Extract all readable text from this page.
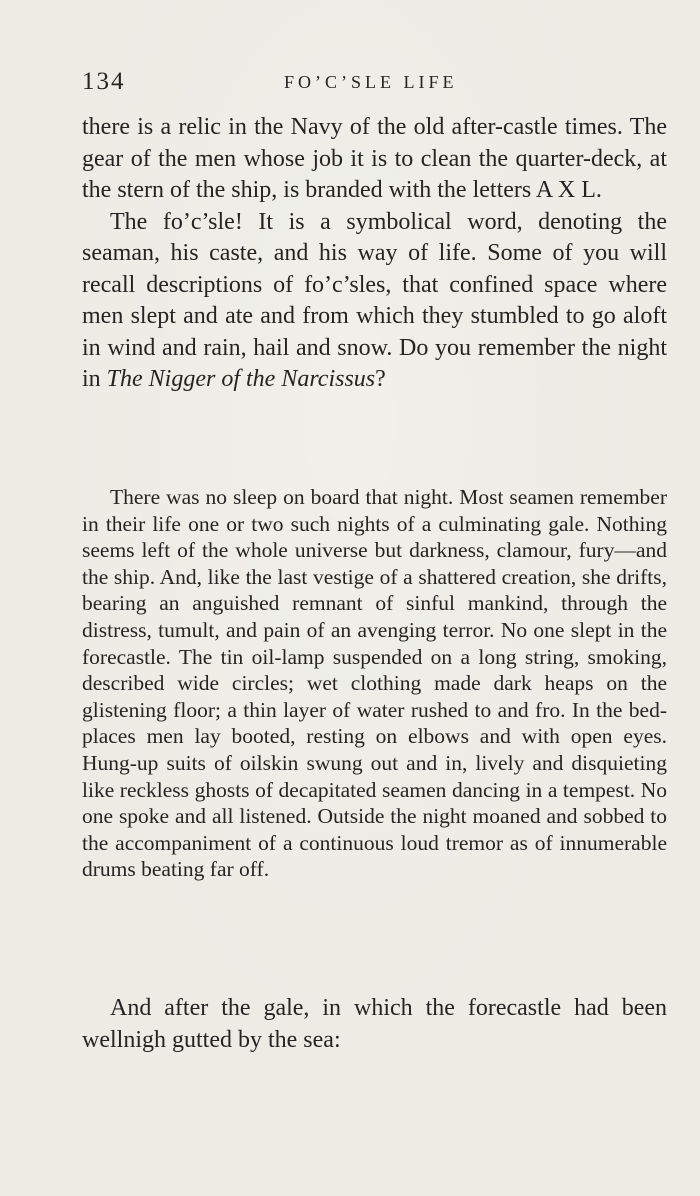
134	FO’C’SLE LIFE

there is a relic in the Navy of the old after-castle times. The gear of the men whose job it is to clean the quarter-deck, at the stern of the ship, is branded with the letters A X L.

The fo’c’sle! It is a symbolical word, denoting the seaman, his caste, and his way of life. Some of you will recall descriptions of fo’c’sles, that confined space where men slept and ate and from which they stumbled to go aloft in wind and rain, hail and snow. Do you remember the night in The Nigger of the Narcissus?

There was no sleep on board that night. Most seamen remember in their life one or two such nights of a culminating gale. Nothing seems left of the whole universe but darkness, clamour, fury—and the ship. And, like the last vestige of a shattered creation, she drifts, bearing an anguished remnant of sinful mankind, through the distress, tumult, and pain of an avenging terror. No one slept in the forecastle. The tin oil-lamp suspended on a long string, smoking, described wide circles; wet clothing made dark heaps on the glistening floor; a thin layer of water rushed to and fro. In the bed-places men lay booted, resting on elbows and with open eyes. Hung-up suits of oilskin swung out and in, lively and disquieting like reckless ghosts of decapitated seamen dancing in a tempest. No one spoke and all listened. Outside the night moaned and sobbed to the accompaniment of a continuous loud tremor as of innumerable drums beating far off.

And after the gale, in which the forecastle had been wellnigh gutted by the sea:
